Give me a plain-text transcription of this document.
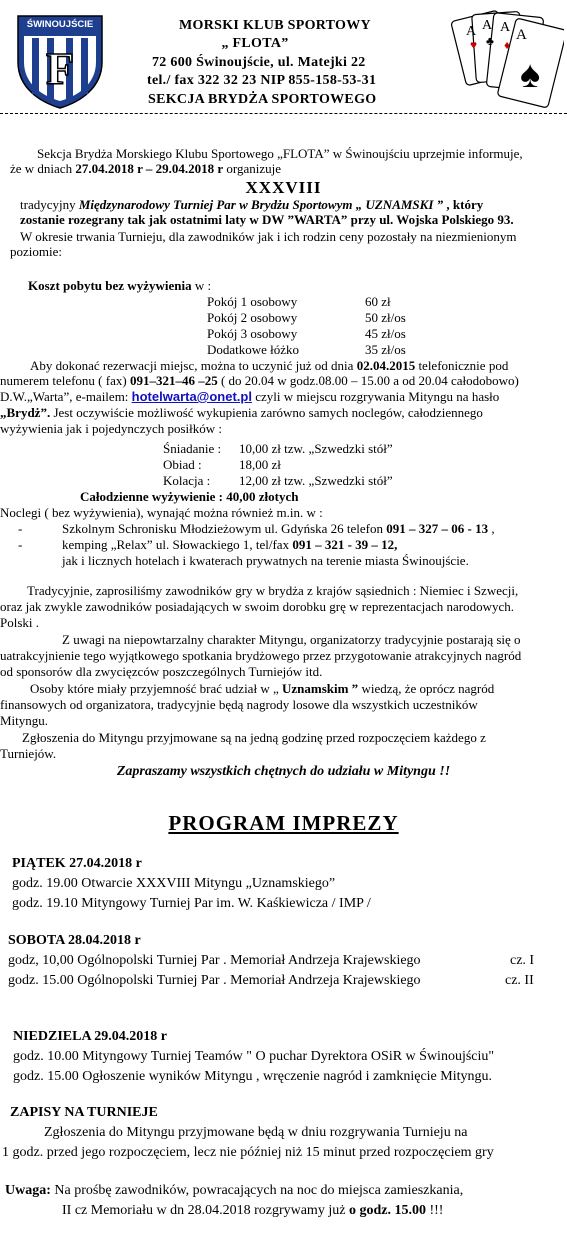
F
ŚWINOUJŚCIE	MORSKI KLUB SPORTOWY
„ FLOTA”
72 600 Świnoujście, ul. Matejki 22
tel./ fax 322 32 23 NIP 855-158-53-31
SEKCJA BRYDŻA SPORTOWEGO
A A A A
♥ ♣ ♦
♠
Sekcja Brydża Morskiego Klubu Sportowego „FLOTA” w Świnoujściu uprzejmie informuje,
że w dniach 27.04.2018 r – 29.04.2018 r organizuje
XXXVIII
tradycyjny Międzynarodowy Turniej Par w Brydżu Sportowym „ UZNAMSKI ” , który
zostanie rozegrany tak jak ostatnimi laty w DW ”WARTA” przy ul. Wojska Polskiego 93.
W okresie trwania Turnieju, dla zawodników jak i ich rodzin ceny pozostały na niezmienionym
poziomie:
Koszt pobytu bez wyżywienia w :
Pokój 1 osobowy	60 zł
Pokój 2 osobowy	50 zł/os
Pokój 3 osobowy	45 zł/os
Dodatkowe łóżko	35 zł/os
Aby dokonać rezerwacji miejsc, można to uczynić już od dnia 02.04.2015 telefonicznie pod
numerem telefonu ( fax) 091–321–46 –25 ( do 20.04 w godz.08.00 – 15.00 a od 20.04 całodobowo)
D.W.„Warta”, e-mailem: hotelwarta@onet.pl czyli w miejscu rozgrywania Mityngu na hasło
„Brydż”. Jest oczywiście możliwość wykupienia zarówno samych noclegów, całodziennego
wyżywienia jak i pojedynczych posiłków :
Śniadanie : 10,00 zł tzw. „Szwedzki stół”
Obiad :	18,00 zł
Kolacja : 12,00 zł tzw. „Szwedzki stół”
Całodzienne wyżywienie : 40,00 złotych
Noclegi ( bez wyżywienia), wynająć można również m.in. w :
-	Szkolnym Schronisku Młodzieżowym ul. Gdyńska 26 telefon 091 – 327 – 06 - 13 ,
-	kemping „Relax” ul. Słowackiego 1, tel/fax 091 – 321 - 39 – 12,
jak i licznych hotelach i kwaterach prywatnych na terenie miasta Świnoujście.
Tradycyjnie, zaprosiliśmy zawodników gry w brydża z krajów sąsiednich : Niemiec i Szwecji,
oraz jak zwykle zawodników posiadających w swoim dorobku grę w reprezentacjach narodowych.
Polski .
Z uwagi na niepowtarzalny charakter Mityngu, organizatorzy tradycyjnie postarają się o
uatrakcyjnienie tego wyjątkowego spotkania brydżowego przez przygotowanie atrakcyjnych nagród
od sponsorów dla zwycięzców poszczególnych Turniejów itd.
Osoby które miały przyjemność brać udział w „ Uznamskim ” wiedzą, że oprócz nagród
finansowych od organizatora, tradycyjnie będą nagrody losowe dla wszystkich uczestników
Mityngu.
Zgłoszenia do Mityngu przyjmowane są na jedną godzinę przed rozpoczęciem każdego z
Turniejów.
Zapraszamy wszystkich chętnych do udziału w Mityngu !!
PROGRAM IMPREZY
PIĄTEK 27.04.2018 r
godz. 19.00 Otwarcie XXXVIII Mityngu „Uznamskiego”
godz. 19.10 Mityngowy Turniej Par im. W. Kaśkiewicza / IMP /
SOBOTA 28.04.2018 r
godz, 10,00 Ogólnopolski Turniej Par . Memoriał Andrzeja Krajewskiego	cz. I
godz. 15.00 Ogólnopolski Turniej Par . Memoriał Andrzeja Krajewskiego	cz. II
NIEDZIELA 29.04.2018 r
godz. 10.00 Mityngowy Turniej Teamów " O puchar Dyrektora OSiR w Świnoujściu"
godz. 15.00 Ogłoszenie wyników Mityngu , wręczenie nagród i zamknięcie Mityngu.
ZAPISY NA TURNIEJE
Zgłoszenia do Mityngu przyjmowane będą w dniu rozgrywania Turnieju na
1 godz. przed jego rozpoczęciem, lecz nie później niż 15 minut przed rozpoczęciem gry
Uwaga: Na prośbę zawodników, powracających na noc do miejsca zamieszkania,
II cz Memoriału w dn 28.04.2018 rozgrywamy już o godz. 15.00 !!!
